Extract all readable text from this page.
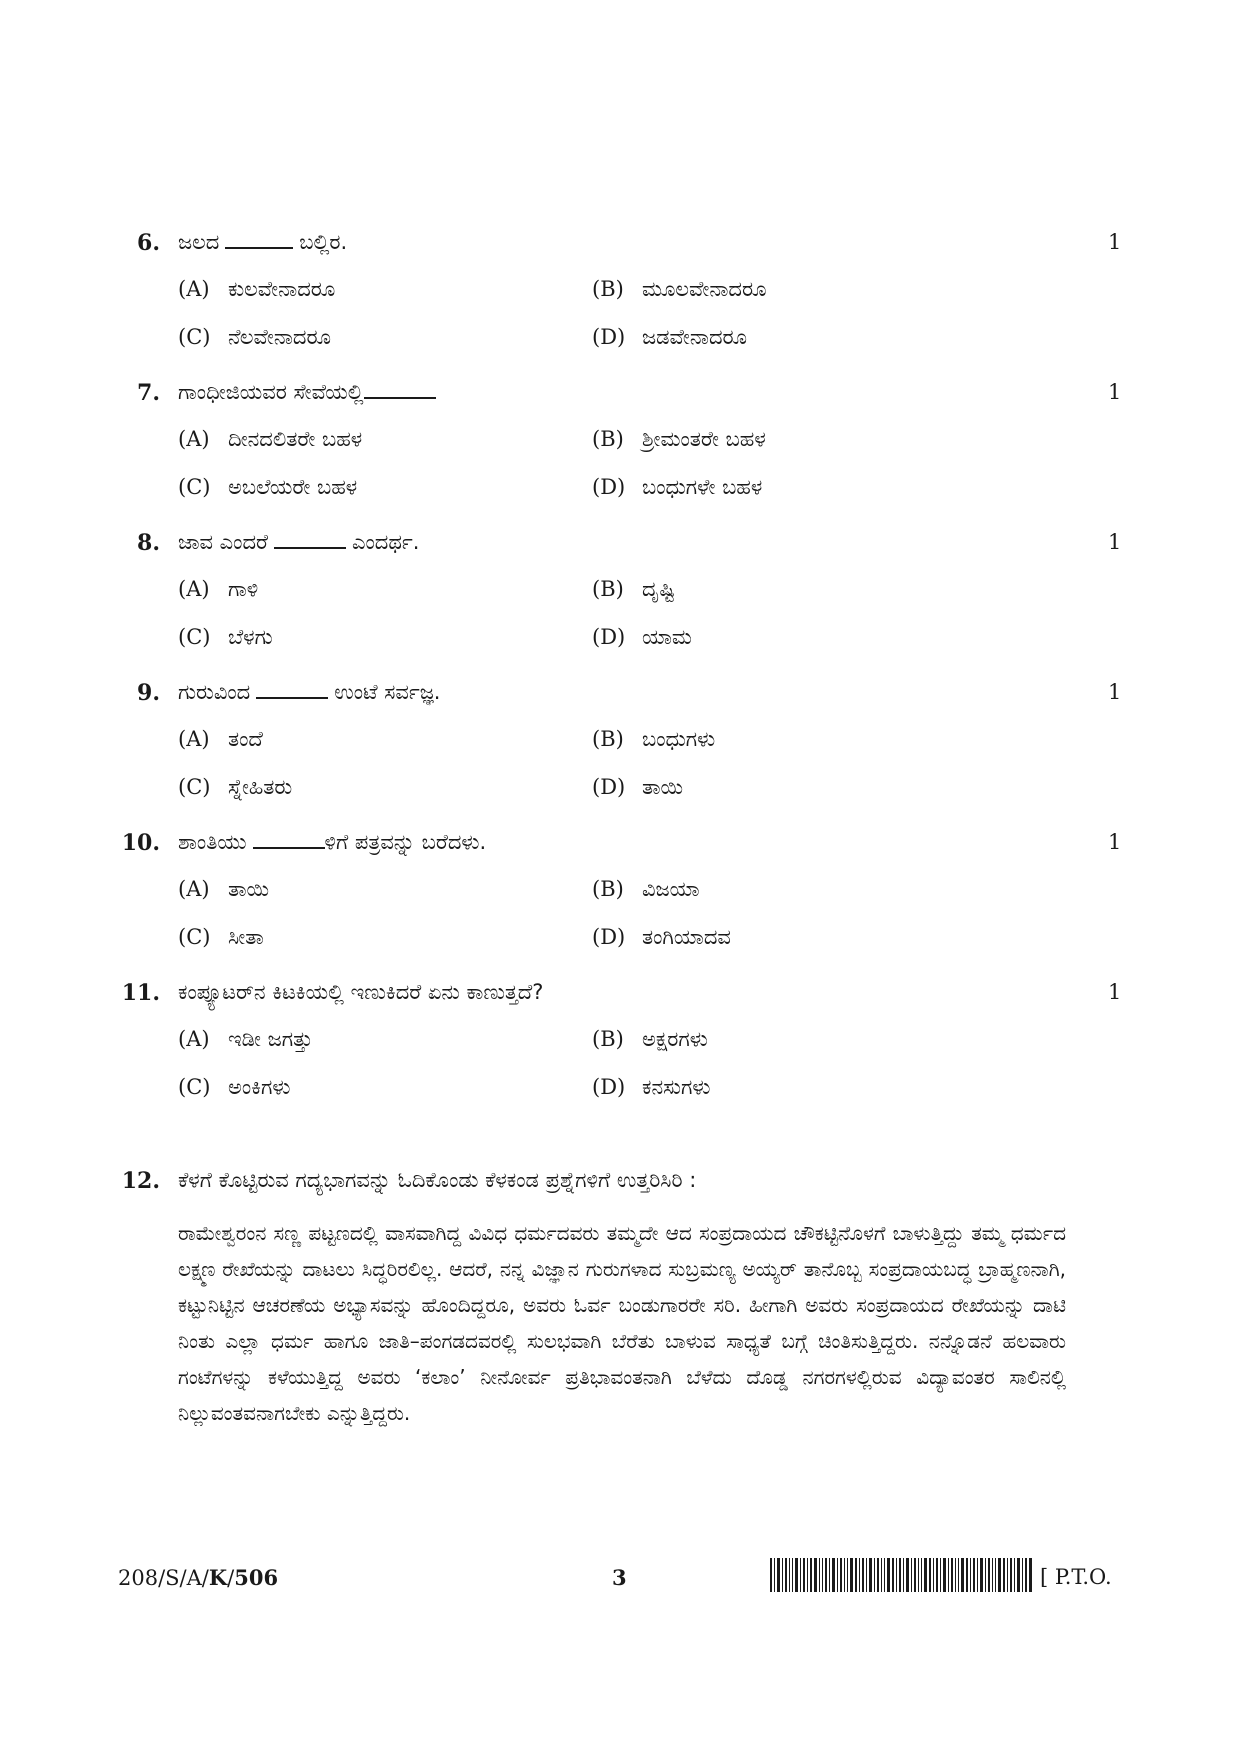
6. ಜಲದ	ಬಲ್ಲಿರ.	1
(A) ಕುಲವೇನಾದರೂ	(B) ಮೂಲವೇನಾದರೂ
(C) ನೆಲವೇನಾದರೂ	(D) ಜಡವೇನಾದರೂ
7. ಗಾಂಧೀಜಿಯವರ ಸೇವೆಯಲ್ಲಿ	1
(A) ದೀನದಲಿತರೇ ಬಹಳ	(B) ಶ್ರೀಮಂತರೇ ಬಹಳ
(C) ಅಬಲೆಯರೇ ಬಹಳ	(D) ಬಂಧುಗಳೇ ಬಹಳ
8. ಜಾವ ಎಂದರೆ	ಎಂದರ್ಥ.	1
(A) ಗಾಳಿ	(B) ದೃಷ್ಟಿ
(C) ಬೆಳಗು	(D) ಯಾಮ
9. ಗುರುವಿಂದ	ಉಂಟೆ ಸರ್ವಜ್ಞ.	1
(A) ತಂದೆ	(B) ಬಂಧುಗಳು
(C) ಸ್ನೇಹಿತರು	(D) ತಾಯಿ
10. ಶಾಂತಿಯು	ಳಿಗೆ ಪತ್ರವನ್ನು ಬರೆದಳು.	1
(A) ತಾಯಿ	(B) ವಿಜಯಾ
(C) ಸೀತಾ	(D) ತಂಗಿಯಾದವ
11. ಕಂಪ್ಯೂಟರ್‌ನ ಕಿಟಕಿಯಲ್ಲಿ ಇಣುಕಿದರೆ ಏನು ಕಾಣುತ್ತದೆ?	1
(A) ಇಡೀ ಜಗತ್ತು	(B) ಅಕ್ಷರಗಳು
(C) ಅಂಕಿಗಳು	(D) ಕನಸುಗಳು
12. ಕೆಳಗೆ ಕೊಟ್ಟಿರುವ ಗದ್ಯಭಾಗವನ್ನು ಓದಿಕೊಂಡು ಕೆಳಕಂಡ ಪ್ರಶ್ನೆಗಳಿಗೆ ಉತ್ತರಿಸಿರಿ :
ರಾಮೇಶ್ವರಂನ ಸಣ್ಣ ಪಟ್ಟಣದಲ್ಲಿ ವಾಸವಾಗಿದ್ದ ವಿವಿಧ ಧರ್ಮದವರು ತಮ್ಮದೇ ಆದ ಸಂಪ್ರದಾಯದ ಚೌಕಟ್ಟಿನೊಳಗೆ ಬಾಳುತ್ತಿದ್ದು ತಮ್ಮ ಧರ್ಮದ ಲಕ್ಷ್ಮಣ ರೇಖೆಯನ್ನು ದಾಟಲು ಸಿದ್ಧರಿರಲಿಲ್ಲ. ಆದರೆ, ನನ್ನ ವಿಜ್ಞಾನ ಗುರುಗಳಾದ ಸುಬ್ರಮಣ್ಯ ಅಯ್ಯರ್ ತಾನೊಬ್ಬ ಸಂಪ್ರದಾಯಬದ್ಧ ಬ್ರಾಹ್ಮಣನಾಗಿ, ಕಟ್ಟುನಿಟ್ಟಿನ ಆಚರಣೆಯ ಅಭ್ಯಾಸವನ್ನು ಹೊಂದಿದ್ದರೂ, ಅವರು ಓರ್ವ ಬಂಡುಗಾರರೇ ಸರಿ. ಹೀಗಾಗಿ ಅವರು ಸಂಪ್ರದಾಯದ ರೇಖೆಯನ್ನು ದಾಟಿ ನಿಂತು ಎಲ್ಲಾ ಧರ್ಮ ಹಾಗೂ ಜಾತಿ–ಪಂಗಡದವರಲ್ಲಿ ಸುಲಭವಾಗಿ ಬೆರೆತು ಬಾಳುವ ಸಾಧ್ಯತೆ ಬಗ್ಗೆ ಚಿಂತಿಸುತ್ತಿದ್ದರು. ನನ್ನೊಡನೆ ಹಲವಾರು ಗಂಟೆಗಳನ್ನು ಕಳೆಯುತ್ತಿದ್ದ ಅವರು ‘ಕಲಾಂ’ ನೀನೋರ್ವ ಪ್ರತಿಭಾವಂತನಾಗಿ ಬೆಳೆದು ದೊಡ್ಡ ನಗರಗಳಲ್ಲಿರುವ ವಿದ್ಯಾವಂತರ ಸಾಲಿನಲ್ಲಿ ನಿಲ್ಲುವಂತವನಾಗಬೇಕು ಎನ್ನುತ್ತಿದ್ದರು.
208/S/A/K/506	3	[ P.T.O.
